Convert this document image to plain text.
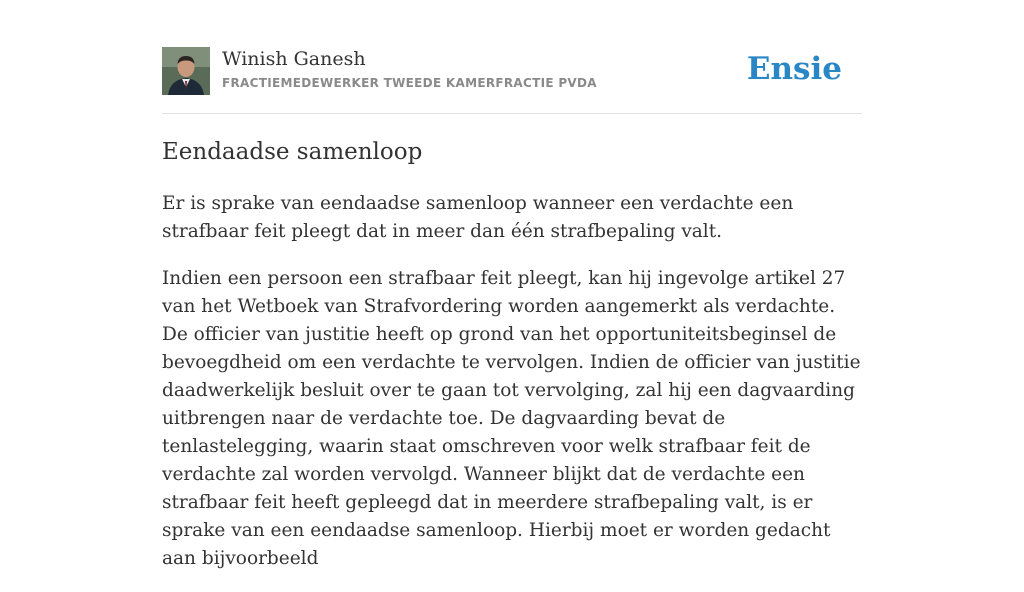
Winish Ganesh
FRACTIEMEDEWERKER TWEEDE KAMERFRACTIE PVDA	Ensie
Eendaadse samenloop

Er is sprake van eendaadse samenloop wanneer een verdachte een strafbaar feit pleegt dat in meer dan één strafbepaling valt.

Indien een persoon een strafbaar feit pleegt, kan hij ingevolge artikel 27 van het Wetboek van Strafvordering worden aangemerkt als verdachte. De officier van justitie heeft op grond van het opportuniteitsbeginsel de bevoegdheid om een verdachte te vervolgen. Indien de officier van justitie daadwerkelijk besluit over te gaan tot vervolging, zal hij een dagvaarding uitbrengen naar de verdachte toe. De dagvaarding bevat de tenlastelegging, waarin staat omschreven voor welk strafbaar feit de verdachte zal worden vervolgd. Wanneer blijkt dat de verdachte een strafbaar feit heeft gepleegd dat in meerdere strafbepaling valt, is er sprake van een eendaadse samenloop. Hierbij moet er worden gedacht aan bijvoorbeeld
